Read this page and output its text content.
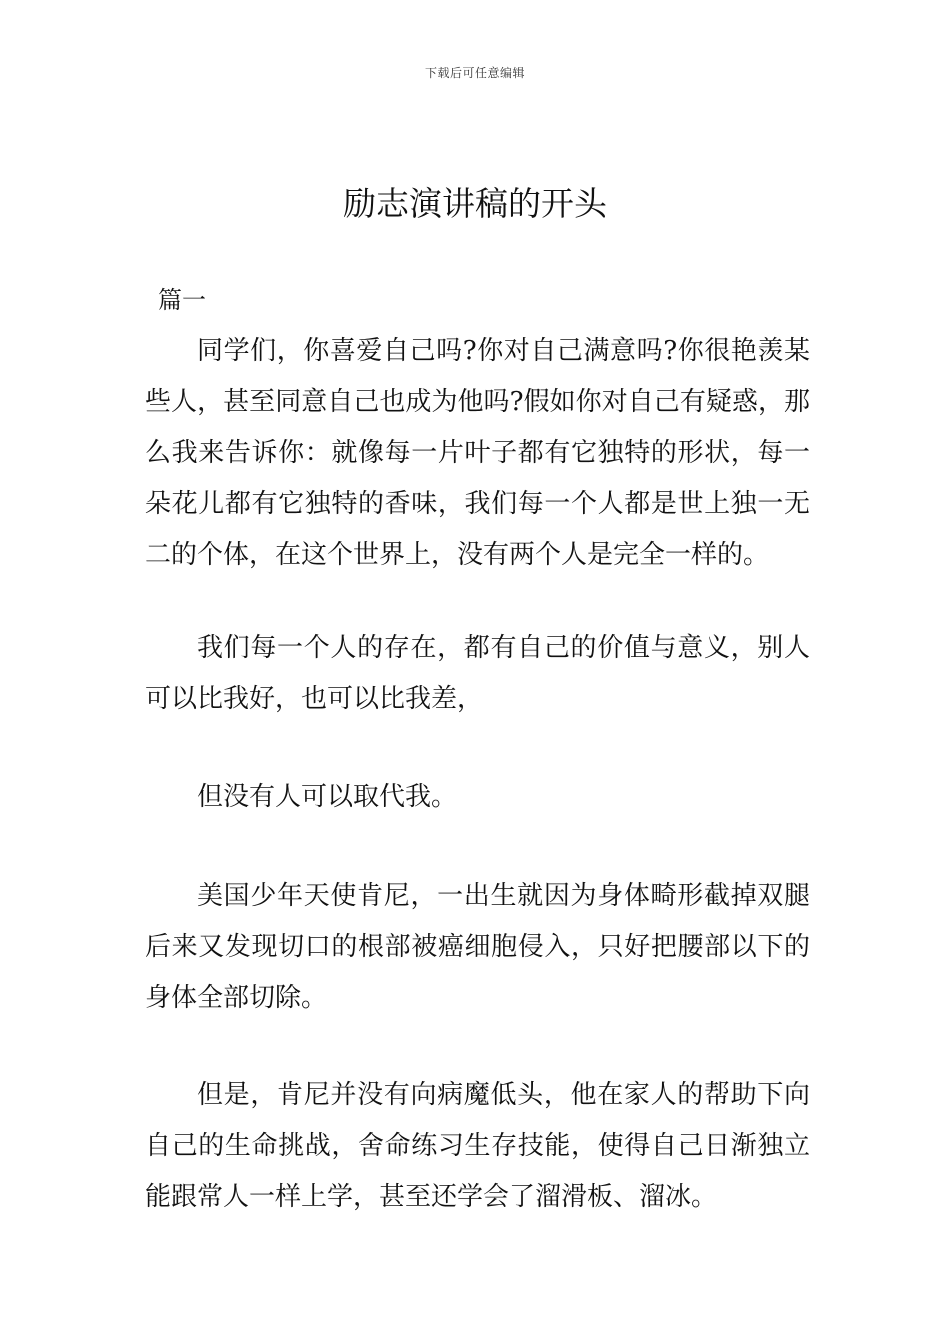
下载后可任意编辑
励志演讲稿的开头
篇一

同学们，你喜爱自己吗?你对自己满意吗?你很艳羡某些人，甚至同意自己也成为他吗?假如你对自己有疑惑，那么我来告诉你：就像每一片叶子都有它独特的形状，每一朵花儿都有它独特的香味，我们每一个人都是世上独一无二的个体，在这个世界上，没有两个人是完全一样的。

我们每一个人的存在，都有自己的价值与意义，别人可以比我好，也可以比我差，

但没有人可以取代我。

美国少年天使肯尼，一出生就因为身体畸形截掉双腿后来又发现切口的根部被癌细胞侵入，只好把腰部以下的身体全部切除。

但是，肯尼并没有向病魔低头，他在家人的帮助下向自己的生命挑战，舍命练习生存技能，使得自己日渐独立能跟常人一样上学，甚至还学会了溜滑板、溜冰。
